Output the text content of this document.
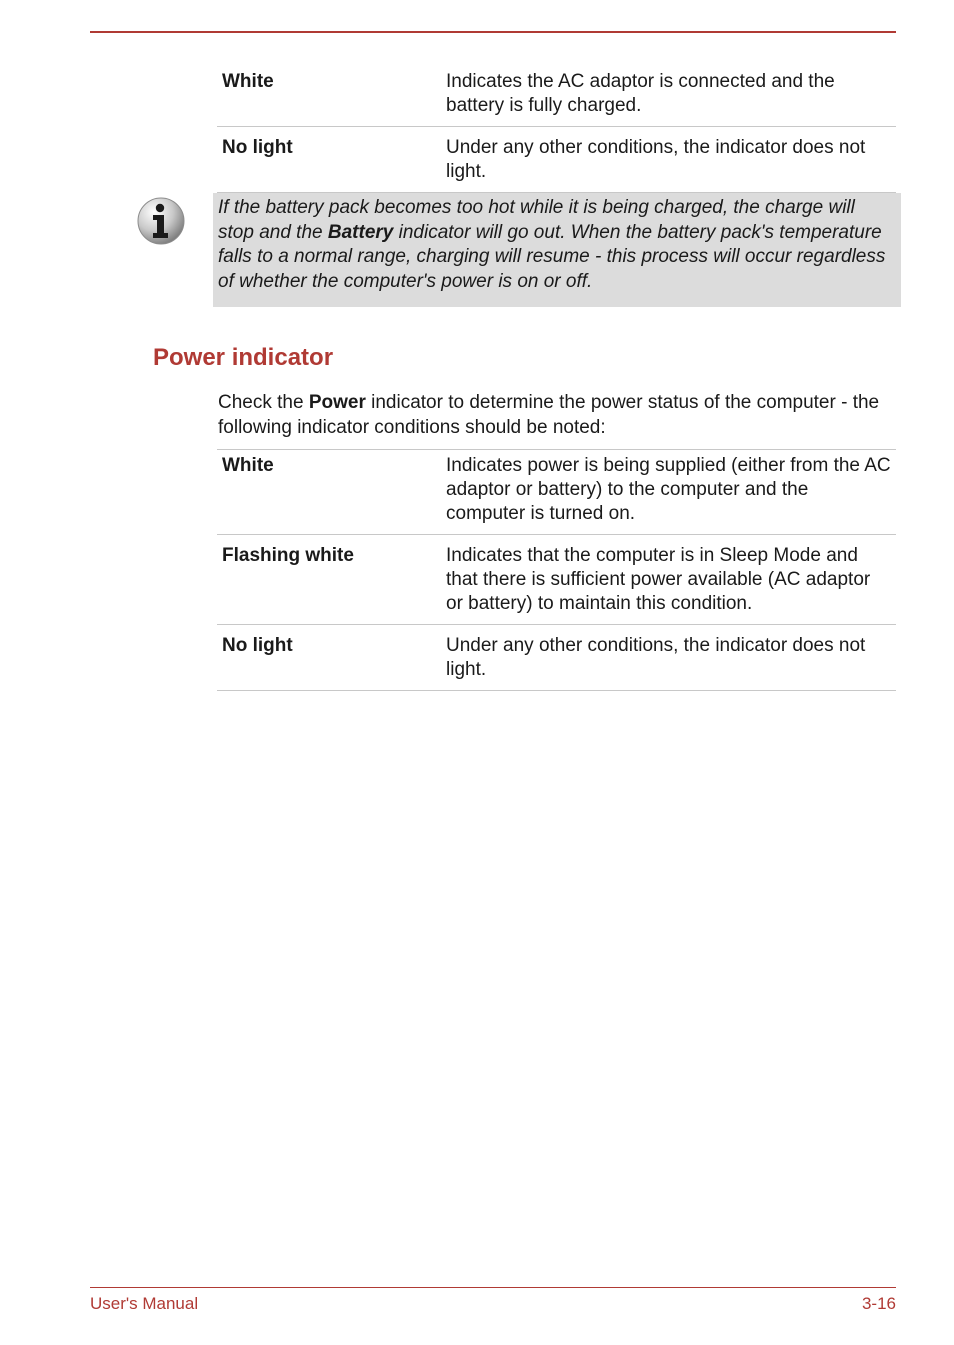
White	Indicates the AC adaptor is connected and the battery is fully charged.
No light	Under any other conditions, the indicator does not light.
If the battery pack becomes too hot while it is being charged, the charge will stop and the Battery indicator will go out. When the battery pack's temperature falls to a normal range, charging will resume - this process will occur regardless of whether the computer's power is on or off.
Power indicator

Check the Power indicator to determine the power status of the computer - the following indicator conditions should be noted:

White	Indicates power is being supplied (either from the AC adaptor or battery) to the computer and the computer is turned on.
Flashing white	Indicates that the computer is in Sleep Mode and that there is sufficient power available (AC adaptor or battery) to maintain this condition.
No light	Under any other conditions, the indicator does not light.
User's Manual	3-16
